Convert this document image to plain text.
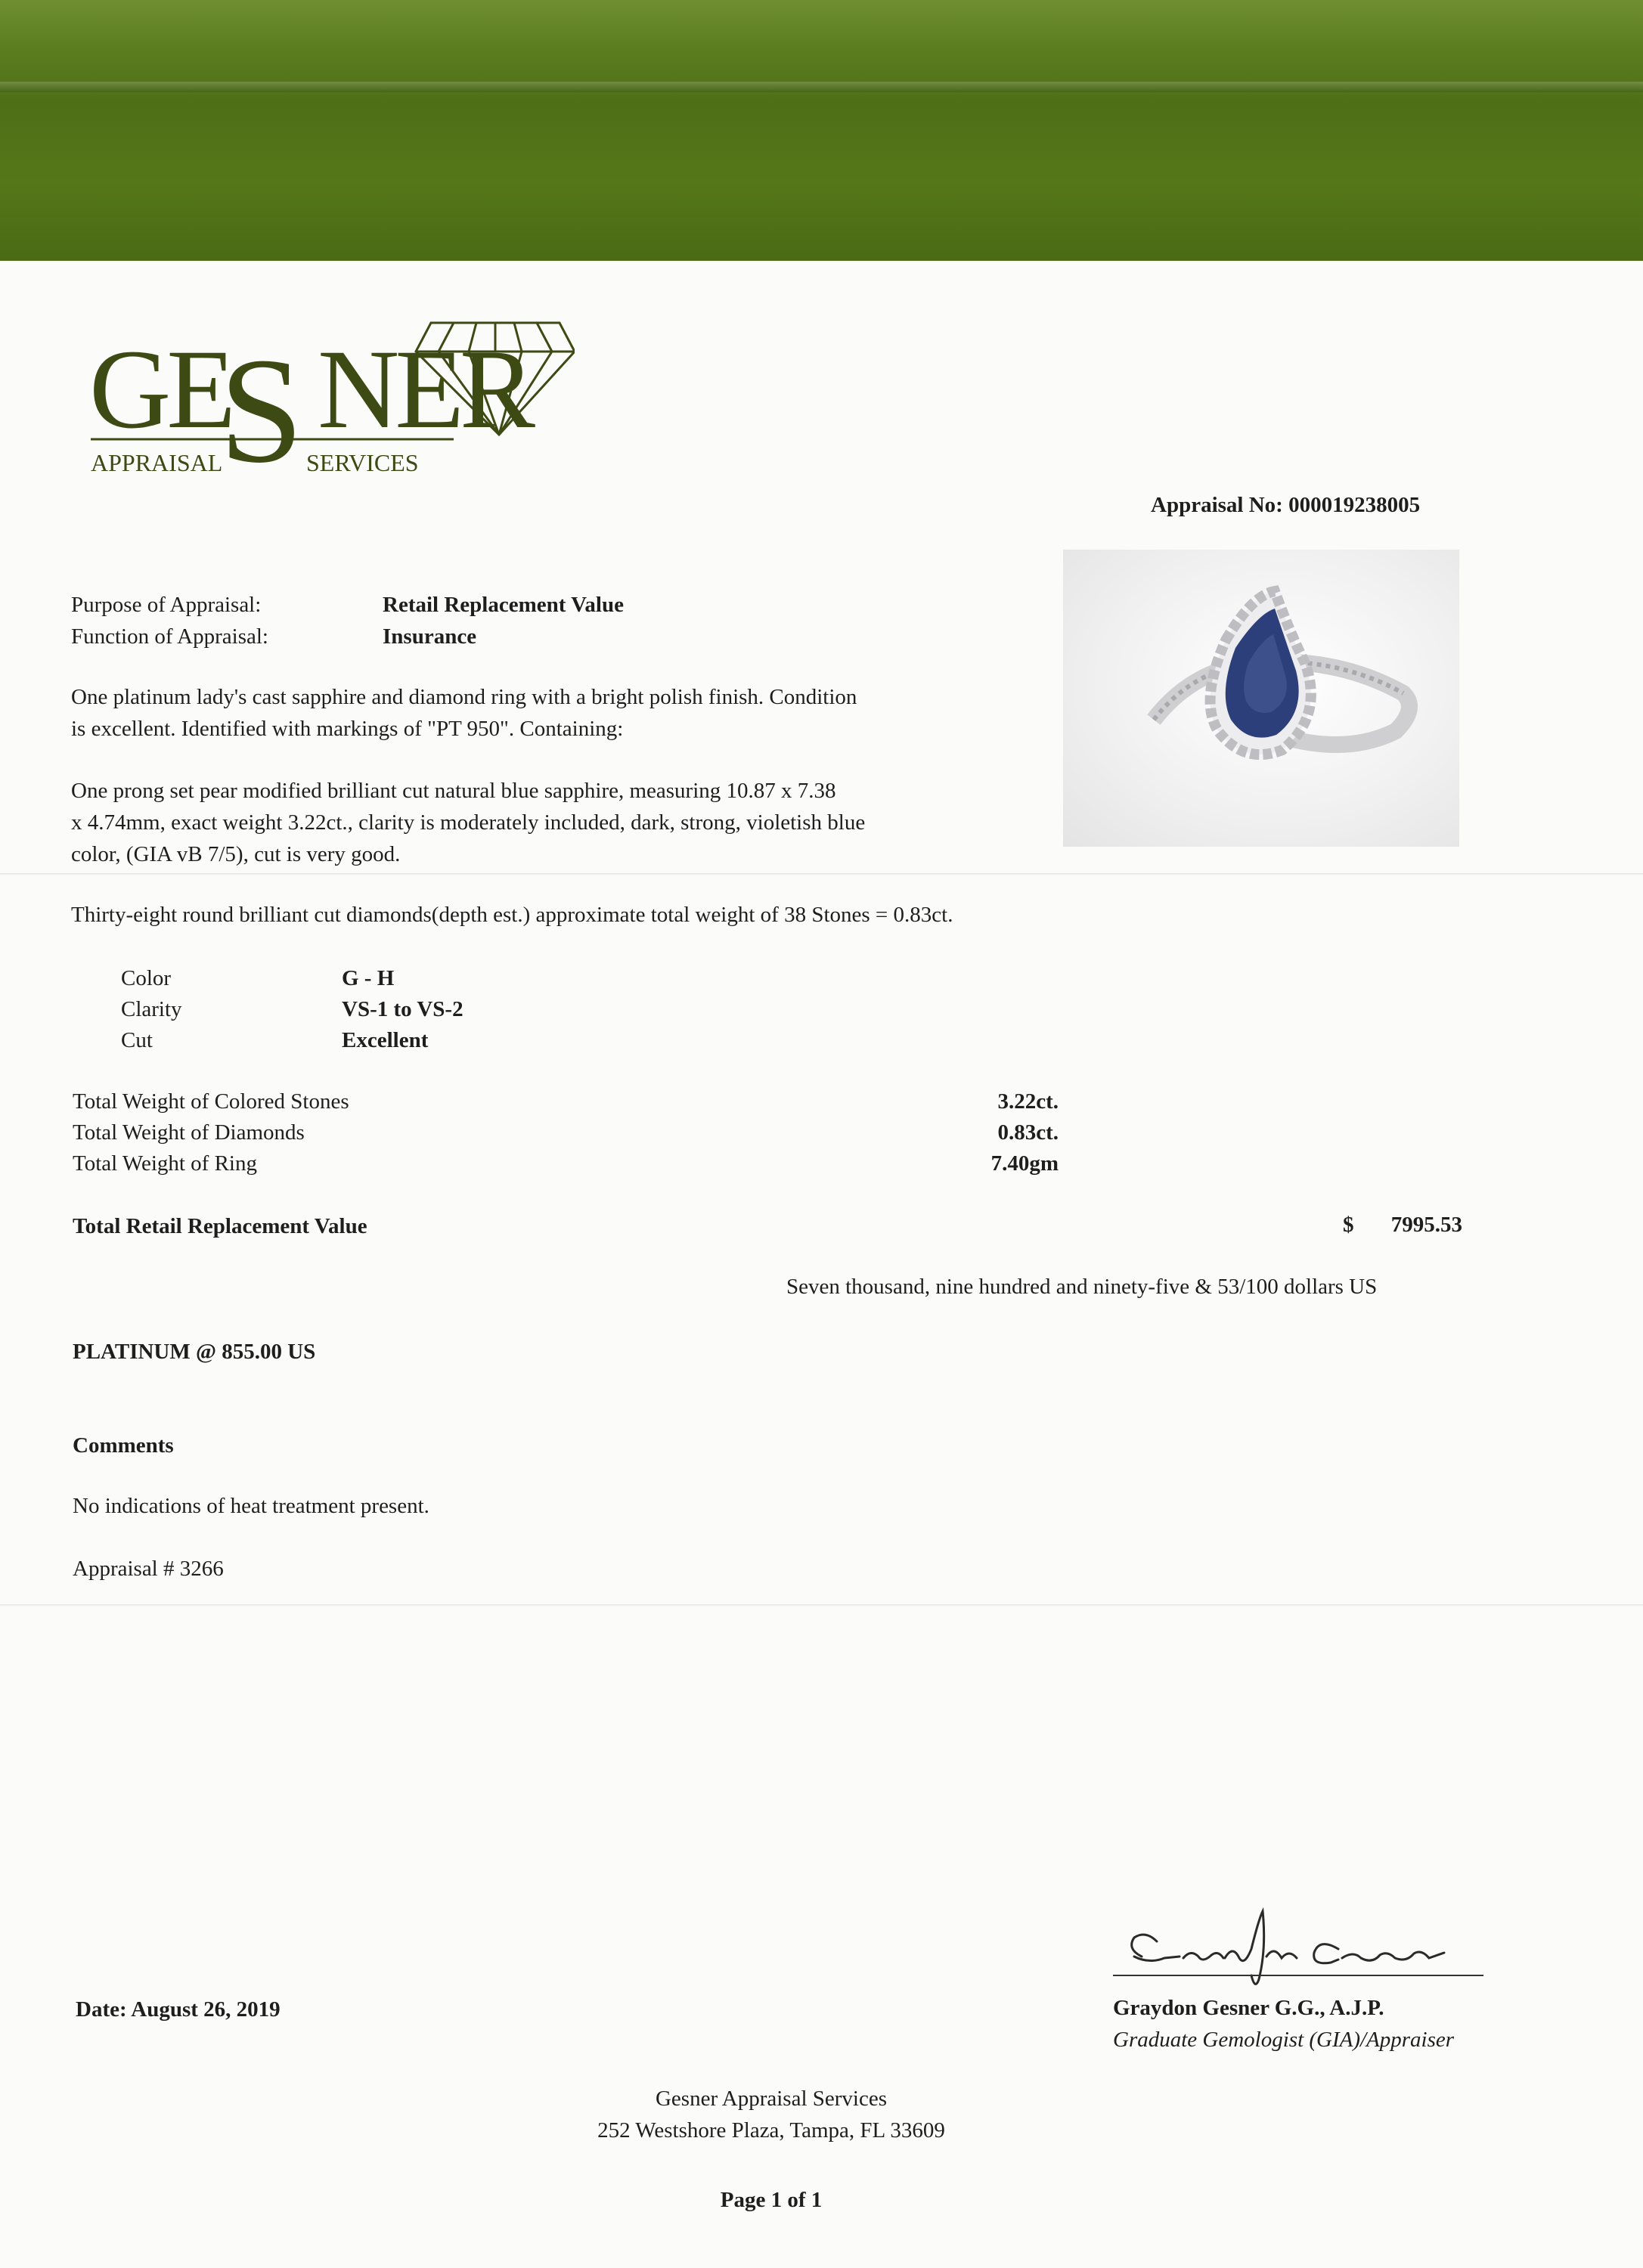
GE
S NER
APPRAISAL	SERVICES
Appraisal No: 000019238005
Purpose of Appraisal:	Retail Replacement Value
Function of Appraisal:	Insurance
One platinum lady's cast sapphire and diamond ring with a bright polish finish. Condition
is excellent. Identified with markings of "PT 950". Containing:
One prong set pear modified brilliant cut natural blue sapphire, measuring 10.87 x 7.38
x 4.74mm, exact weight 3.22ct., clarity is moderately included, dark, strong, violetish blue
color, (GIA vB 7/5), cut is very good.
Thirty-eight round brilliant cut diamonds(depth est.) approximate total weight of 38 Stones = 0.83ct.
Color	G - H
Clarity	VS-1 to VS-2
Cut	Excellent
Total Weight of Colored Stones	3.22ct.
Total Weight of Diamonds	0.83ct.
Total Weight of Ring	7.40gm
Total Retail Replacement Value	$	7995.53
Seven thousand, nine hundred and ninety-five & 53/100 dollars US
PLATINUM @ 855.00 US
Comments
No indications of heat treatment present.
Appraisal # 3266
Date: August 26, 2019	Graydon Gesner G.G., A.J.P.
Graduate Gemologist (GIA)/Appraiser
Gesner Appraisal Services
252 Westshore Plaza, Tampa, FL 33609
Page 1 of 1
